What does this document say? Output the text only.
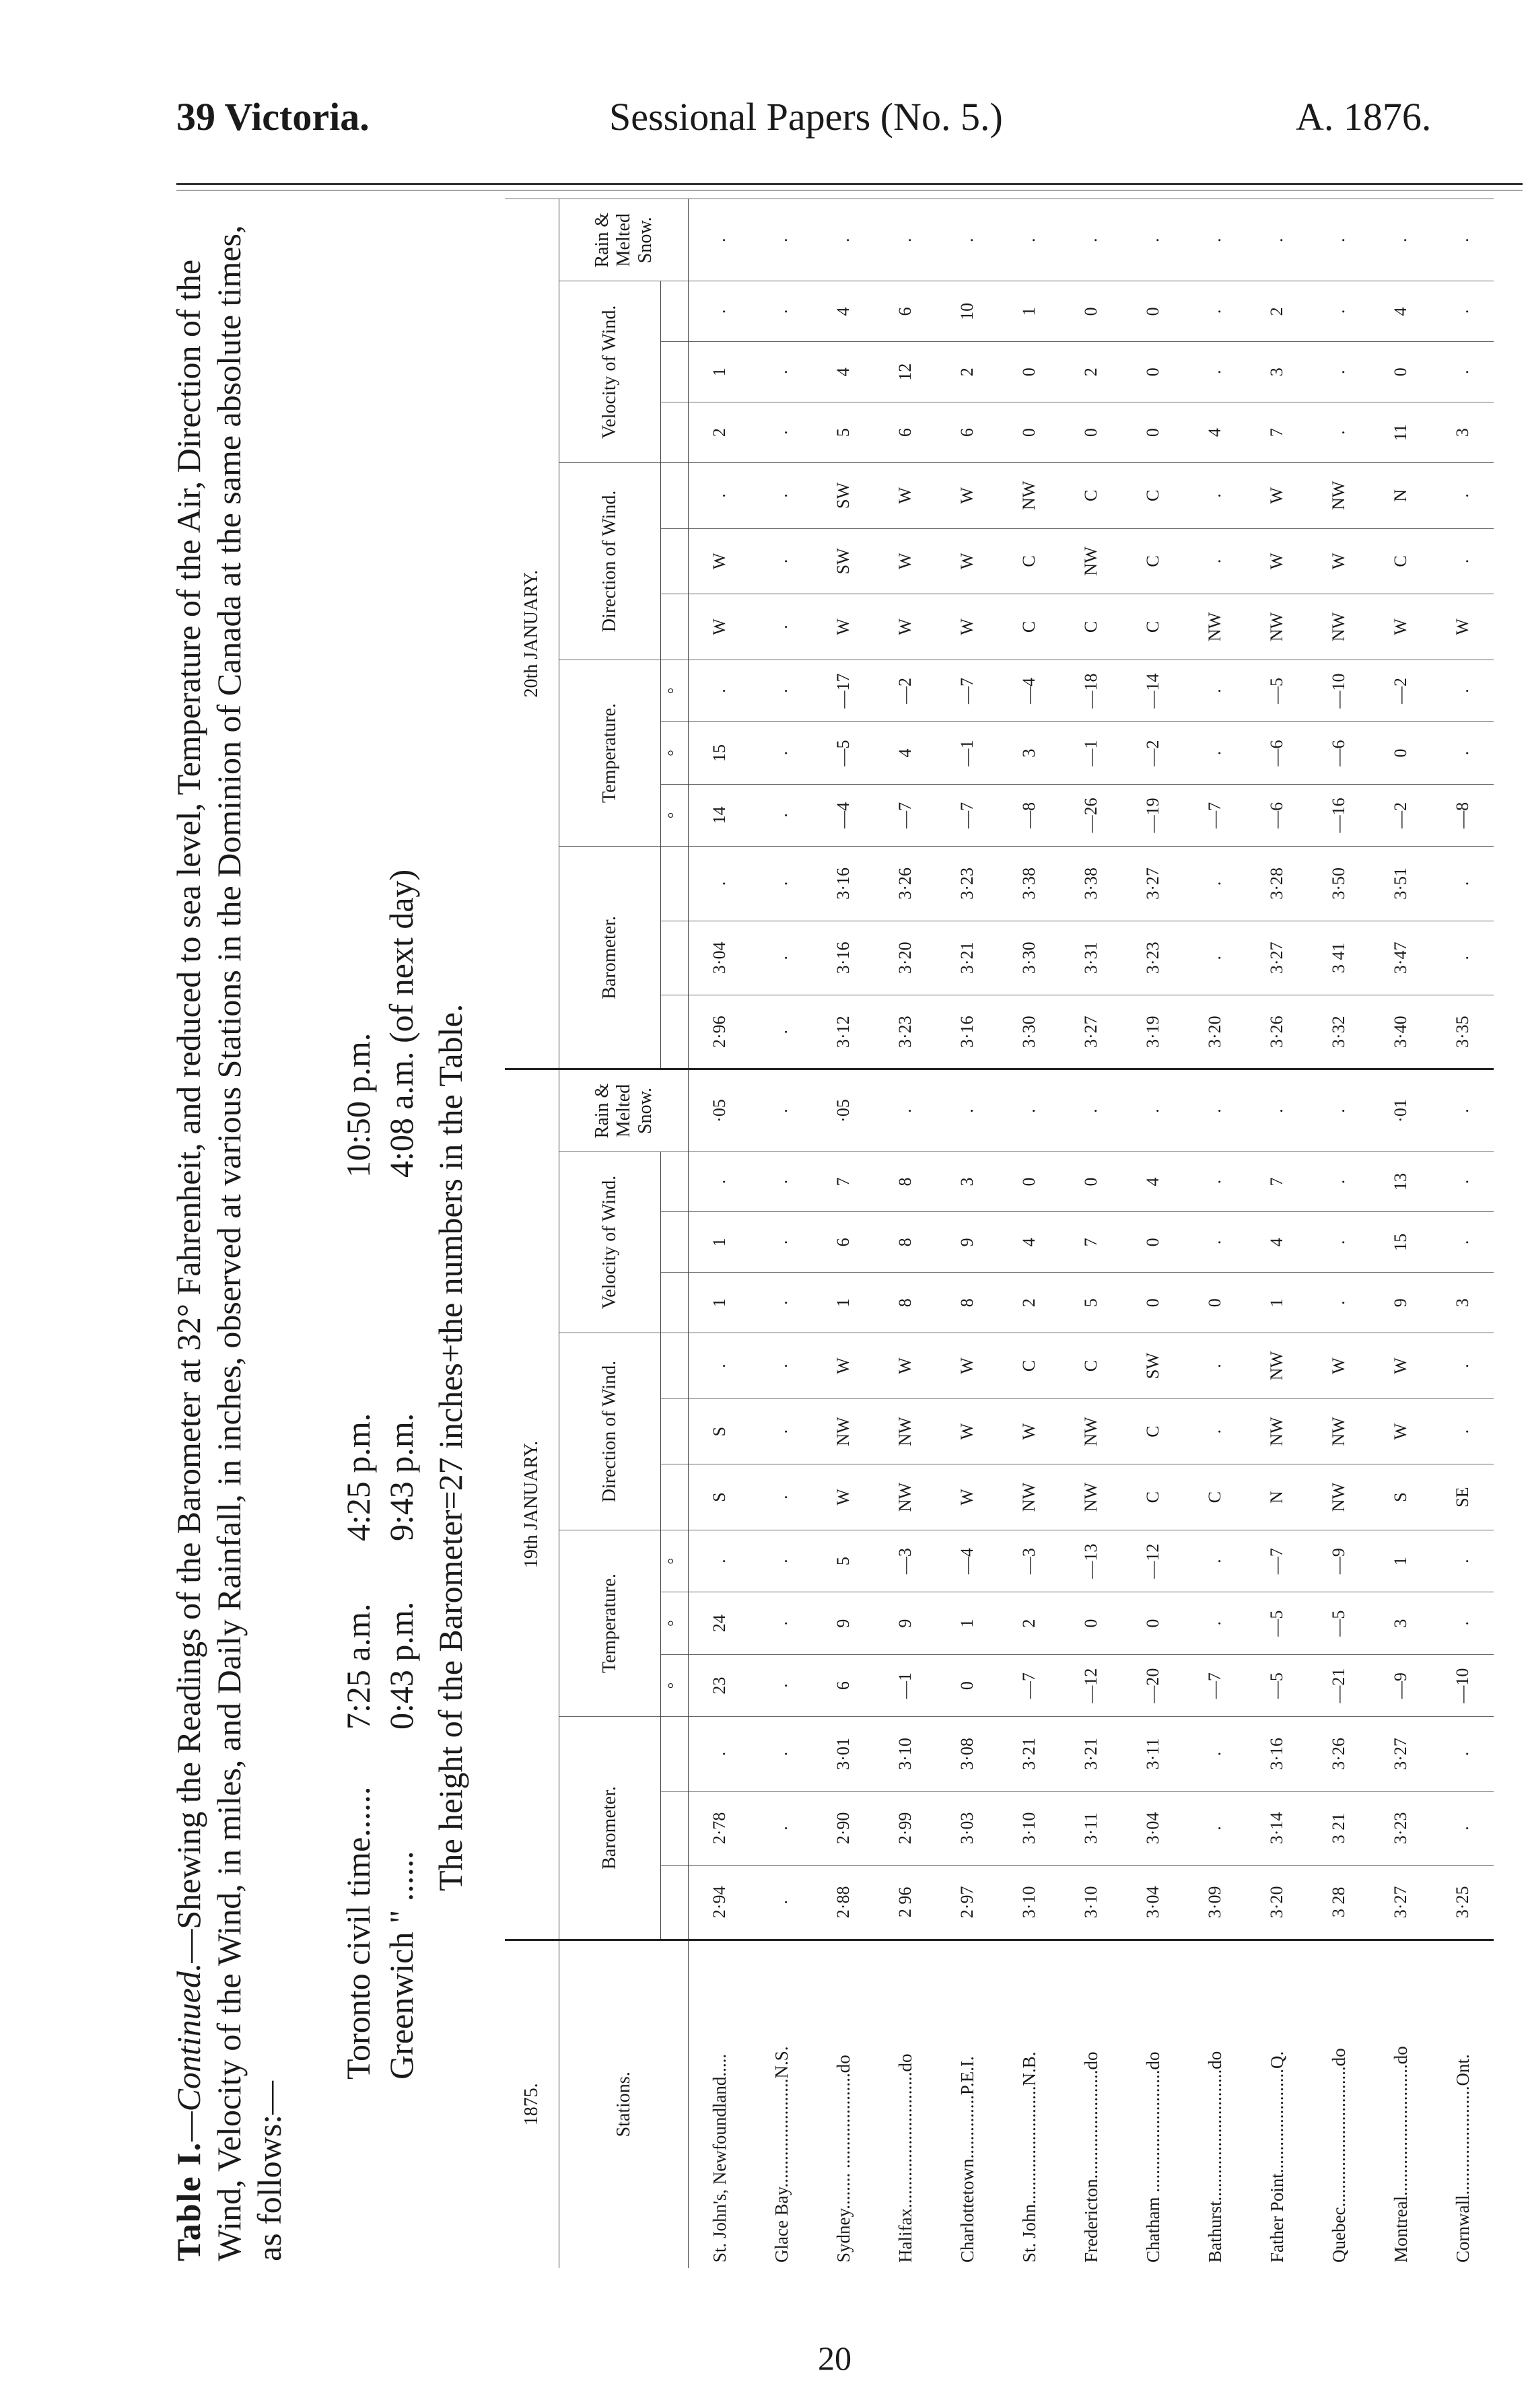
39 Victoria.	Sessional Papers (No. 5.)	A. 1876.
Table I.—Continued.—Shewing the Readings of the Barometer at 32° Fahrenheit, and reduced to sea level, Temperature of the Air, Direction of the Wind, Velocity of the Wind, in miles, and Daily Rainfall, in inches, observed at various Stations in the Dominion of Canada at the same absolute times, as follows:—
Toronto civil time...... Greenwich " ......
7:25 a.m. 0:43 p.m.
4:25 p.m. 9:43 p.m.
10:50 p.m. 4:08 a.m. (of next day) The height of the Barometer=27 inches+the numbers in the Table.
1875.	19th JANUARY.													20th JANUARY.												
Stations.	Barometer.			Temperature.			Direction of Wind.			Velocity of Wind.			Rain & Melted Snow.	Barometer.			Temperature.			Direction of Wind.			Velocity of Wind.			Rain & Melted Snow.
				°	°	°											°	°	°							
St. John's, Newfoundland.....	2·94	2·78	.	23	24	.	S	S	.	1	1	.	·05	2·96	3·04	.	14	15	.	W	W	.	2	1	.	.
Glace Bay........................N.S.	.	.	.	.	.	.	.	.	.	.	.	.	.	.	.	.	.	.	.	.	.	.	.	.	.	.
Sydney........ .....................do	2·88	2·90	3·01	6	9	5	W	NW	W	1	6	7	·05	3·12	3·16	3·16	—4	—5	—17	W	SW	SW	5	4	4	.
Halifax..............................do	2 96	2·99	3·10	—1	9	—3	NW	NW	W	8	8	8	.	3·23	3·20	3·26	—7	4	—2	W	W	W	6	12	6	.
Charlottetown..............P.E.I.	2·97	3·03	3·08	0	1	—4	W	W	W	8	9	3	.	3·16	3·21	3·23	—7	—1	—7	W	W	W	6	2	10	.
St. John..........................N.B.	3·10	3·10	3·21	—7	2	—3	NW	W	C	2	4	0	.	3·30	3·30	3·38	—8	3	—4	C	C	NW	0	0	1	.
Fredericton........................do	3·10	3·11	3·21	—12	0	—13	NW	NW	C	5	7	0	.	3·27	3·31	3·38	—26	—1	—18	C	NW	C	0	2	0	.
Chatham ...........................do	3·04	3·04	3·11	—20	0	—12	C	C	SW	0	0	4	.	3·19	3·23	3·27	—19	—2	—14	C	C	C	0	0	0	.
Bathurst.............................do	3·09	.	.	—7	.	.	C	.	.	0	.	.	.	3·20	.	.	—7	.	.	NW	.	.	4	.	.	.
Father Point.......................Q.	3·20	3·14	3·16	—5	—5	—7	N	NW	NW	1	4	7	.	3·26	3·27	3·28	—6	—6	—5	NW	W	W	7	3	2	.
Quebec...............................do	3 28	3 21	3·26	—21	—5	—9	NW	NW	W	.	.	.	.	3·32	3 41	3·50	—16	—6	—10	NW	W	NW	.	.	.	.
Montreal.............................do	3·27	3·23	3·27	—9	3	1	S	W	W	9	15	13	·01	3·40	3·47	3·51	—2	0	—2	W	C	N	11	0	4	.
Cornwall........................Ont.	3·25	.	.	—10	.	.	SE	.	.	3	.	.	.	3·35	.	.	—8	.	.	W	.	.	3	.	.	.
20
